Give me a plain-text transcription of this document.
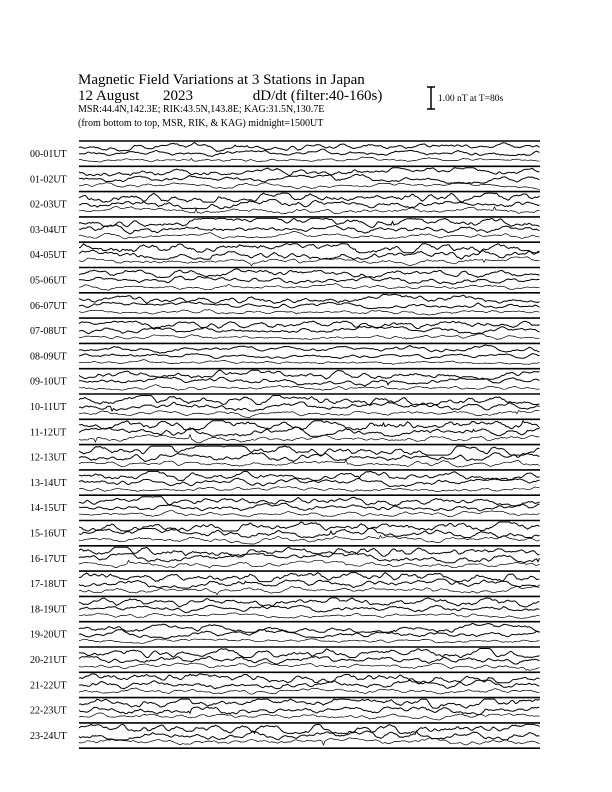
Magnetic Field Variations at 3 Stations in Japan
12 August 2023	dD/dt (filter:40-160s)
MSR:44.4N,142.3E; RIK:43.5N,143.8E; KAG:31.5N,130.7E
(from bottom to top, MSR, RIK, & KAG) midnight=1500UT
1.00 nT at T=80s
00-01UT
01-02UT
02-03UT
03-04UT
04-05UT
05-06UT
06-07UT
07-08UT
08-09UT
09-10UT
10-11UT
11-12UT
12-13UT
13-14UT
14-15UT
15-16UT
16-17UT
17-18UT
18-19UT
19-20UT
20-21UT
21-22UT
22-23UT
23-24UT
